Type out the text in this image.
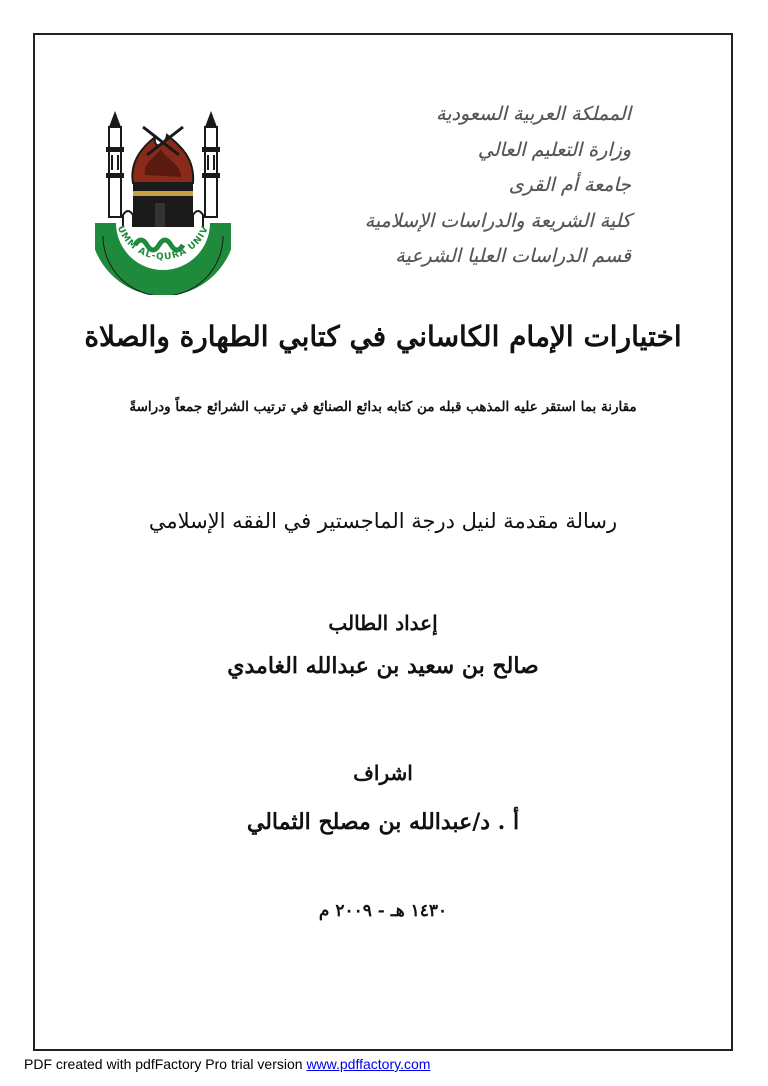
UMM AL-QURA UNIV
المملكة العربية السعودية
وزارة التعليم العالي
جامعة أم القرى
كلية الشريعة والدراسات الإسلامية
قسم الدراسات العليا الشرعية
اختيارات الإمام الكاساني في كتابي الطهارة والصلاة
مقارنة بما استقر عليه المذهب قبله من كتابه بدائع الصنائع في ترتيب الشرائع جمعاً ودراسةً
رسالة مقدمة لنيل درجة الماجستير في الفقه الإسلامي
إعداد الطالب
صالح بن سعيد بن عبدالله الغامدي
اشراف
أ . د/عبدالله بن مصلح الثمالي
١٤٣٠ هـ - ٢٠٠٩ م
PDF created with pdfFactory Pro trial version www.pdffactory.com
